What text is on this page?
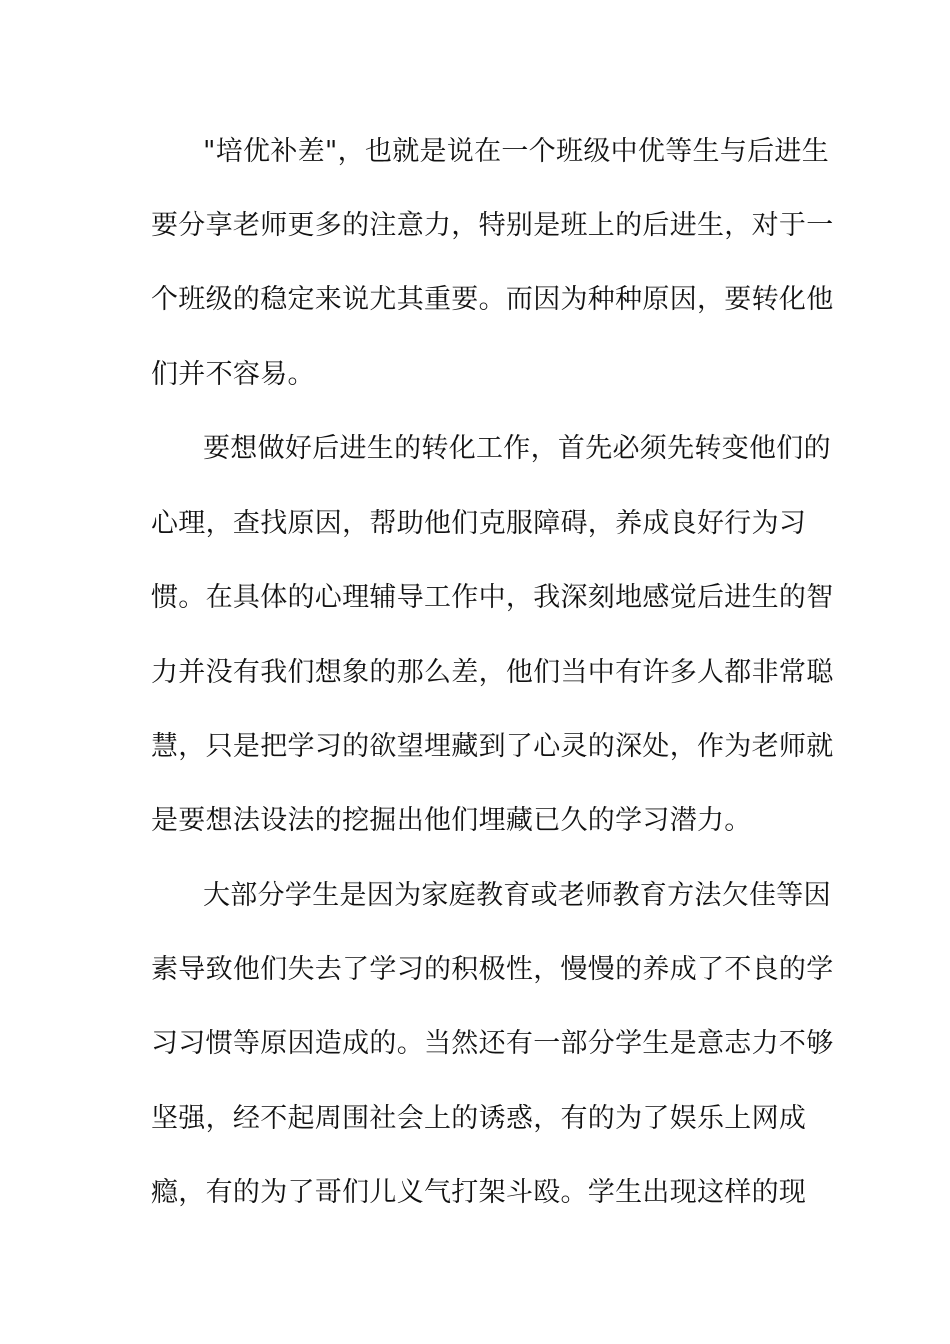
"培优补差"，也就是说在一个班级中优等生与后进生
要分享老师更多的注意力，特别是班上的后进生，对于一
个班级的稳定来说尤其重要。而因为种种原因，要转化他
们并不容易。
要想做好后进生的转化工作，首先必须先转变他们的
心理，查找原因，帮助他们克服障碍，养成良好行为习
惯。在具体的心理辅导工作中，我深刻地感觉后进生的智
力并没有我们想象的那么差，他们当中有许多人都非常聪
慧，只是把学习的欲望埋藏到了心灵的深处，作为老师就
是要想法设法的挖掘出他们埋藏已久的学习潜力。
大部分学生是因为家庭教育或老师教育方法欠佳等因
素导致他们失去了学习的积极性，慢慢的养成了不良的学
习习惯等原因造成的。当然还有一部分学生是意志力不够
坚强，经不起周围社会上的诱惑，有的为了娱乐上网成
瘾，有的为了哥们儿义气打架斗殴。学生出现这样的现
